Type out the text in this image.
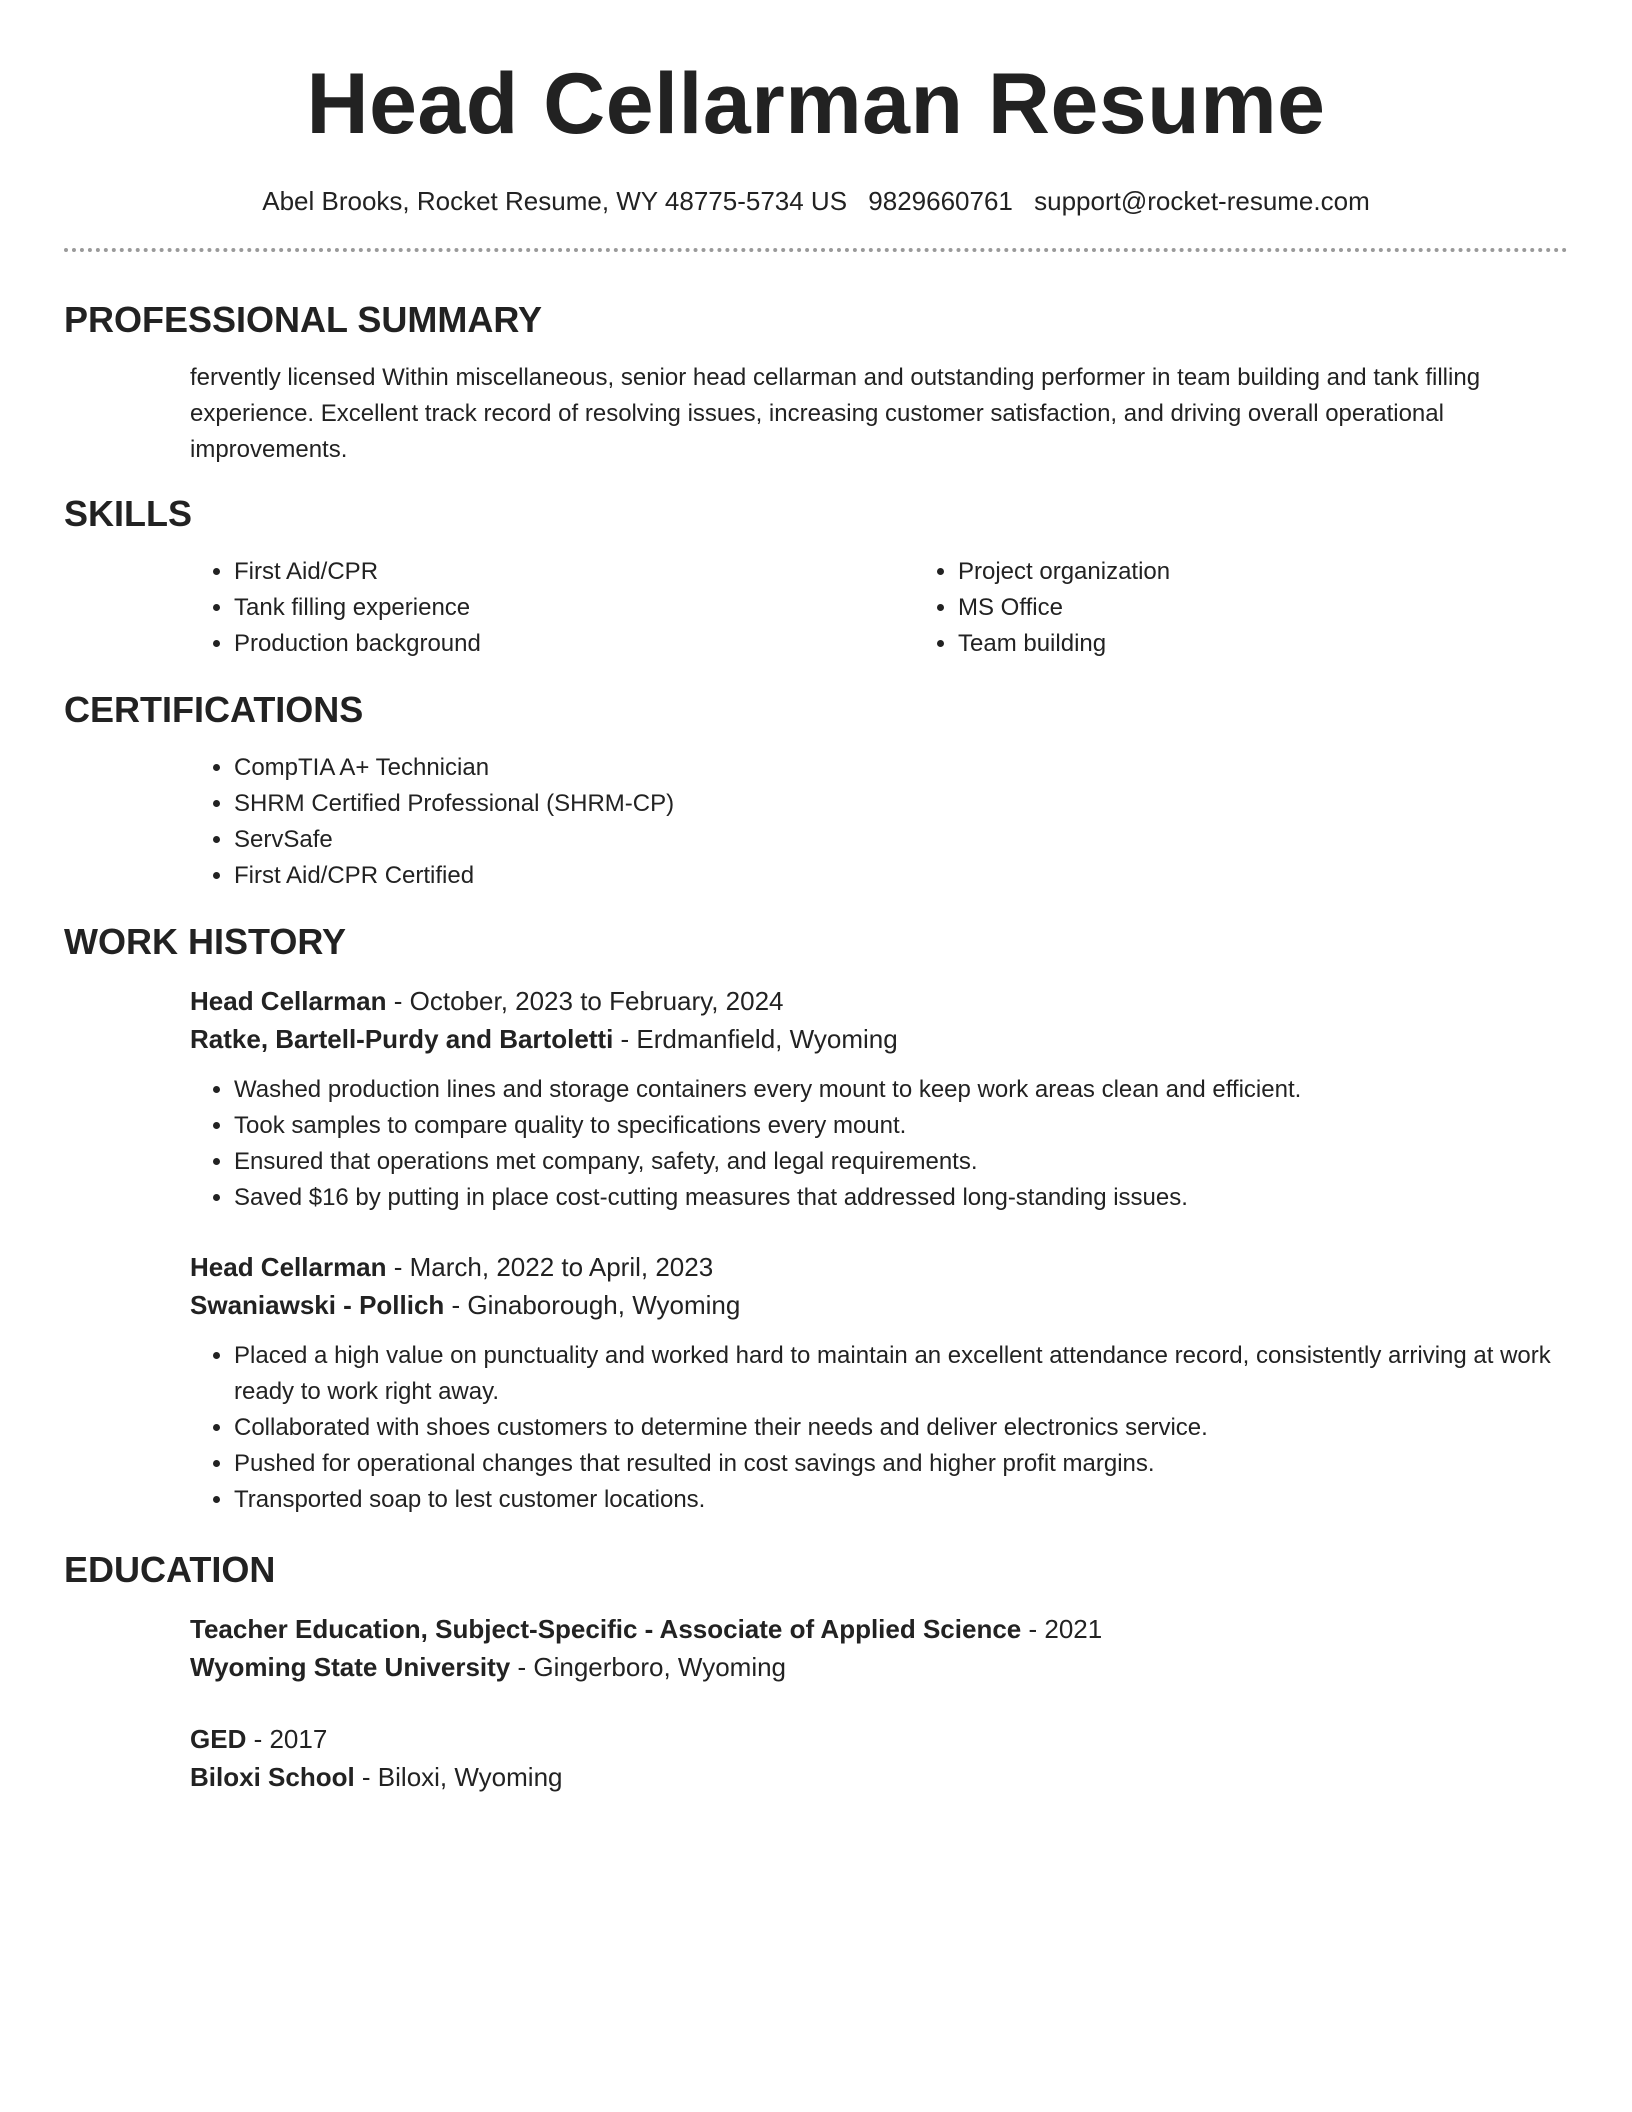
Head Cellarman Resume
Abel Brooks, Rocket Resume, WY 48775-5734 US 9829660761 support@rocket-resume.com
PROFESSIONAL SUMMARY

fervently licensed Within miscellaneous, senior head cellarman and outstanding performer in team building and tank filling experience. Excellent track record of resolving issues, increasing customer satisfaction, and driving overall operational improvements.

SKILLS
• First Aid/CPR
• Tank filling experience
• Production background
• Project organization
• MS Office
• Team building
CERTIFICATIONS
• CompTIA A+ Technician
• SHRM Certified Professional (SHRM-CP)
• ServSafe
• First Aid/CPR Certified
WORK HISTORY
Head Cellarman - October, 2023 to February, 2024
Ratke, Bartell-Purdy and Bartoletti - Erdmanfield, Wyoming
• Washed production lines and storage containers every mount to keep work areas clean and efficient.
• Took samples to compare quality to specifications every mount.
• Ensured that operations met company, safety, and legal requirements.
• Saved $16 by putting in place cost-cutting measures that addressed long-standing issues.
Head Cellarman - March, 2022 to April, 2023
Swaniawski - Pollich - Ginaborough, Wyoming
• Placed a high value on punctuality and worked hard to maintain an excellent attendance record, consistently arriving at work ready to work right away.
• Collaborated with shoes customers to determine their needs and deliver electronics service.
• Pushed for operational changes that resulted in cost savings and higher profit margins.
• Transported soap to lest customer locations.
EDUCATION
Teacher Education, Subject-Specific - Associate of Applied Science - 2021
Wyoming State University - Gingerboro, Wyoming
GED - 2017
Biloxi School - Biloxi, Wyoming
